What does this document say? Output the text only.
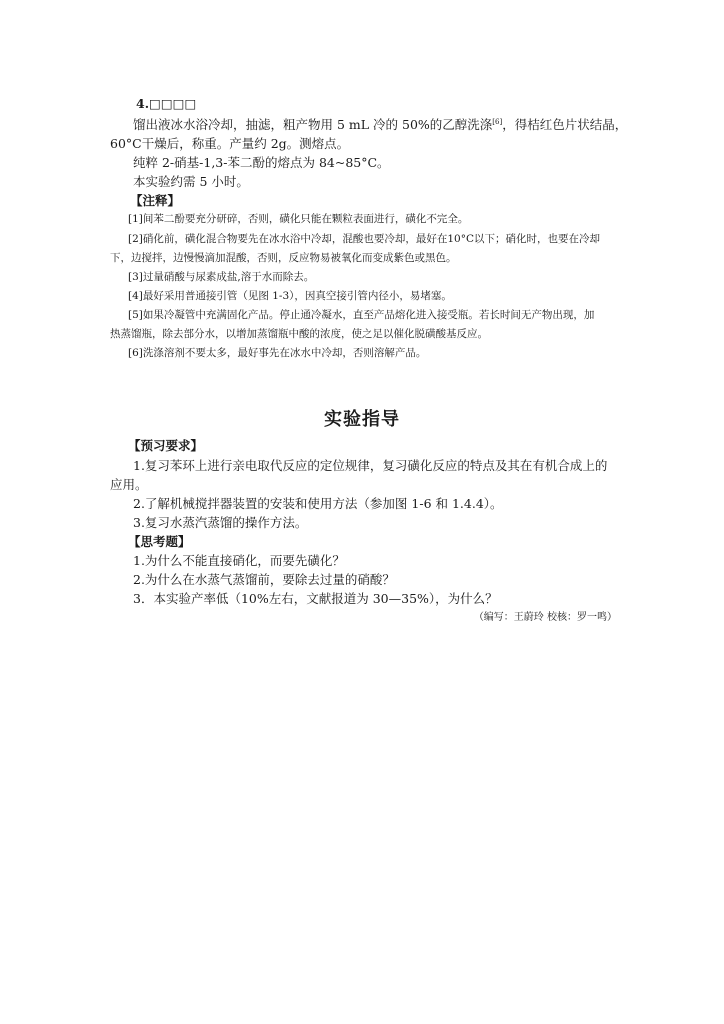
4.□□□□
馏出液冰水浴冷却，抽滤，粗产物用 5 mL 冷的 50%的乙醇洗涤[6]，得桔红色片状结晶，
60°C干燥后，称重。产量约 2g。测熔点。
纯粹 2-硝基-1,3-苯二酚的熔点为 84~85°C。
本实验约需 5 小时。
【注释】
[1]间苯二酚要充分研碎，否则，磺化只能在颗粒表面进行，磺化不完全。
[2]硝化前，磺化混合物要先在冰水浴中冷却，混酸也要冷却，最好在10°C以下；硝化时，也要在冷却
下，边搅拌，边慢慢滴加混酸，否则，反应物易被氧化而变成紫色或黑色。
[3]过量硝酸与尿素成盐,溶于水而除去。
[4]最好采用普通接引管（见图 1-3），因真空接引管内径小，易堵塞。
[5]如果冷凝管中充满固化产品。停止通冷凝水，直至产品熔化进入接受瓶。若长时间无产物出现，加
热蒸馏瓶，除去部分水，以增加蒸馏瓶中酸的浓度，使之足以催化脱磺酸基反应。
[6]洗涤溶剂不要太多，最好事先在冰水中冷却，否则溶解产品。
实验指导
【预习要求】
1.复习苯环上进行亲电取代反应的定位规律，复习磺化反应的特点及其在有机合成上的
应用。
2.了解机械搅拌器装置的安装和使用方法（参加图 1-6 和 1.4.4）。
3.复习水蒸汽蒸馏的操作方法。
【思考题】
1.为什么不能直接硝化，而要先磺化？
2.为什么在水蒸气蒸馏前，要除去过量的硝酸？
3．本实验产率低（10%左右，文献报道为 30—35%），为什么？
（编写：王蔚玲 校核：罗一鸣）
